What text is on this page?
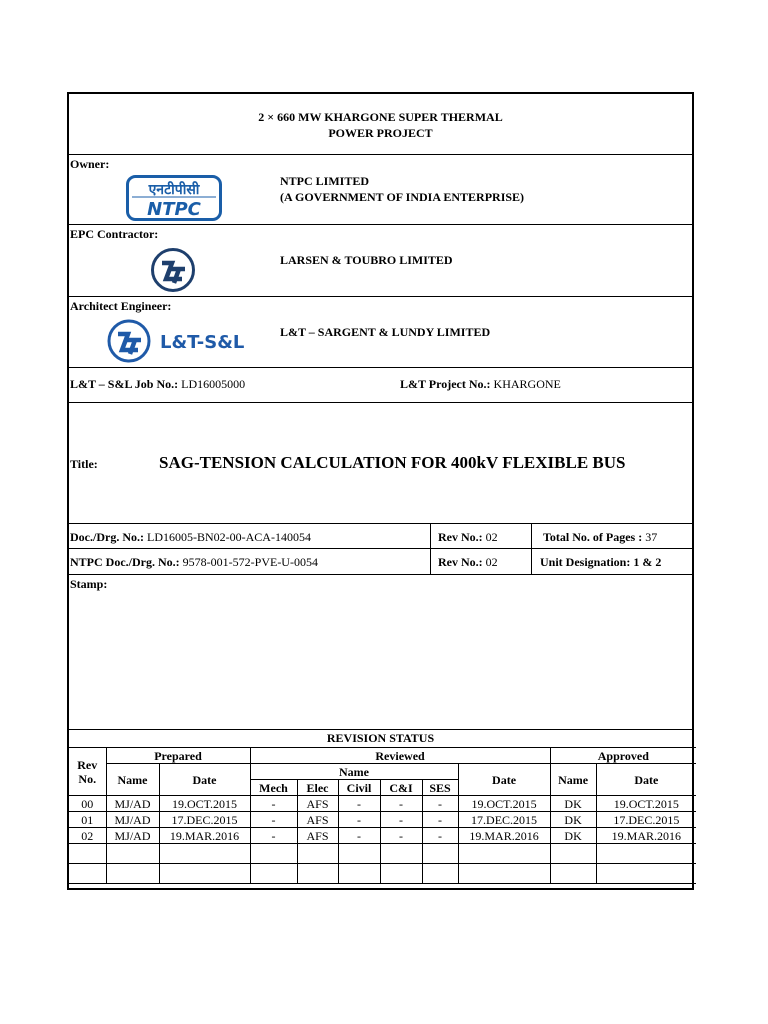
2 × 660 MW KHARGONE SUPER THERMAL
POWER PROJECT
Owner:
एनटीपीसी
NTPC
NTPC LIMITED
(A GOVERNMENT OF INDIA ENTERPRISE)
EPC Contractor:
LARSEN & TOUBRO LIMITED
Architect Engineer:
L&T-S&L	L&T – SARGENT & LUNDY LIMITED
L&T – S&L Job No.: LD16005000	L&T Project No.: KHARGONE
Title:	SAG-TENSION CALCULATION FOR 400kV FLEXIBLE BUS
Doc./Drg. No.: LD16005-BN02-00-ACA-140054	Rev No.: 02	Total No. of Pages : 37
NTPC Doc./Drg. No.: 9578-001-572-PVE-U-0054	Rev No.: 02	Unit Designation: 1 & 2
Stamp:
REVISION STATUS
Rev No.	Prepared		Reviewed						Approved	
	Name	Date	Name					Date	Name	Date
			Mech	Elec	Civil	C&I	SES			
00	MJ/AD	19.OCT.2015	-	AFS	-	-	-	19.OCT.2015	DK	19.OCT.2015
01	MJ/AD	17.DEC.2015	-	AFS	-	-	-	17.DEC.2015	DK	17.DEC.2015
02	MJ/AD	19.MAR.2016	-	AFS	-	-	-	19.MAR.2016	DK	19.MAR.2016
